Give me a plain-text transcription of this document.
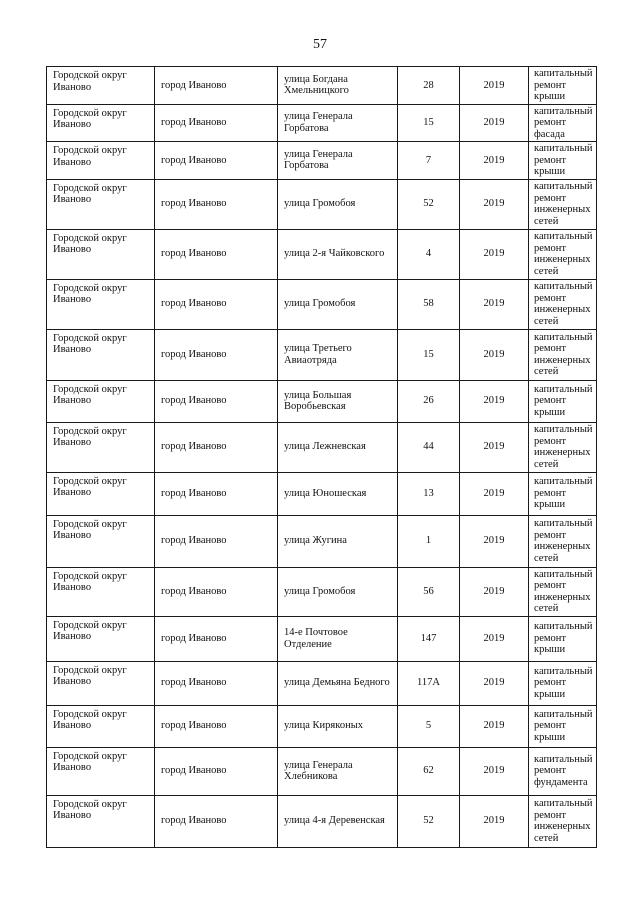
57
Городской округ Иваново	город Иваново	улица Богдана Хмельницкого	28	2019	капитальный ремонт крыши
Городской округ Иваново	город Иваново	улица Генерала Горбатова	15	2019	капитальный ремонт фасада
Городской округ Иваново	город Иваново	улица Генерала Горбатова	7	2019	капитальный ремонт крыши
Городской округ Иваново	город Иваново	улица Громобоя	52	2019	капитальный ремонт инженерных сетей
Городской округ Иваново	город Иваново	улица 2-я Чайковского	4	2019	капитальный ремонт инженерных сетей
Городской округ Иваново	город Иваново	улица Громобоя	58	2019	капитальный ремонт инженерных сетей
Городской округ Иваново	город Иваново	улица Третьего Авиаотряда	15	2019	капитальный ремонт инженерных сетей
Городской округ Иваново	город Иваново	улица Большая Воробьевская	26	2019	капитальный ремонт крыши
Городской округ Иваново	город Иваново	улица Лежневская	44	2019	капитальный ремонт инженерных сетей
Городской округ Иваново	город Иваново	улица Юношеская	13	2019	капитальный ремонт крыши
Городской округ Иваново	город Иваново	улица Жугина	1	2019	капитальный ремонт инженерных сетей
Городской округ Иваново	город Иваново	улица Громобоя	56	2019	капитальный ремонт инженерных сетей
Городской округ Иваново	город Иваново	14-е Почтовое Отделение	147	2019	капитальный ремонт крыши
Городской округ Иваново	город Иваново	улица Демьяна Бедного	117А	2019	капитальный ремонт крыши
Городской округ Иваново	город Иваново	улица Киряконых	5	2019	капитальный ремонт крыши
Городской округ Иваново	город Иваново	улица Генерала Хлебникова	62	2019	капитальный ремонт фундамента
Городской округ Иваново	город Иваново	улица 4-я Деревенская	52	2019	капитальный ремонт инженерных сетей
